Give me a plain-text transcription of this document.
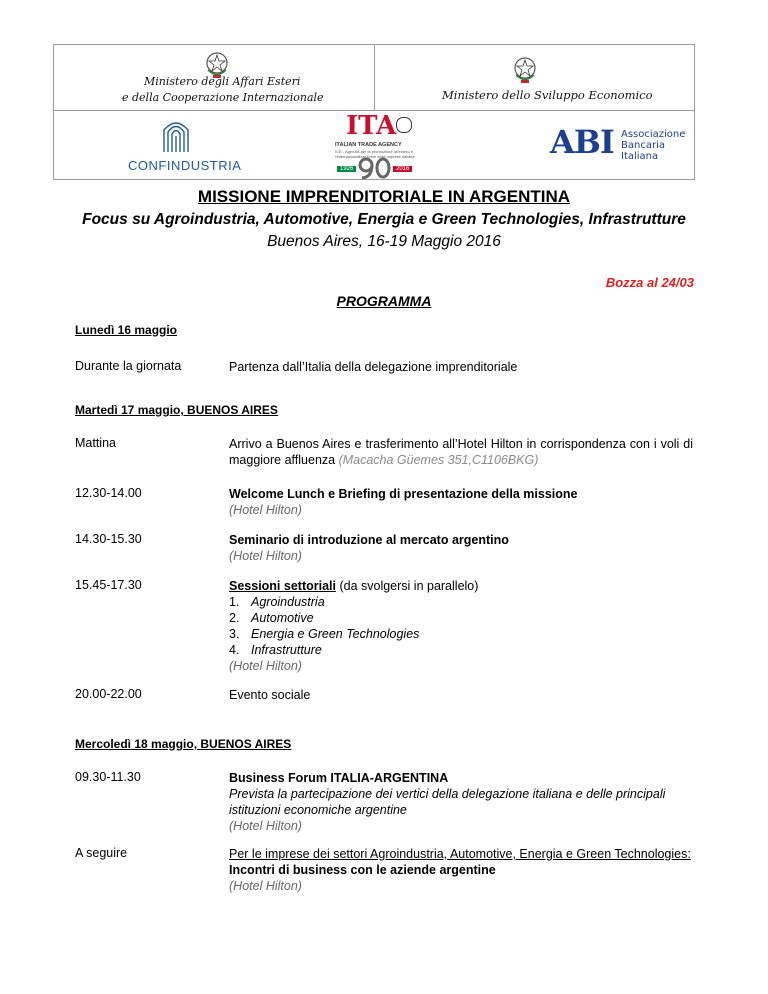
Ministero degli Affari Esteri
e della Cooperazione Internazionale	Ministero dello Sviluppo Economico
CONFINDUSTRIA
ITA
ITALIAN TRADE AGENCY
ICE - Agenzia per la promozione all'estero e l'internazionalizzazione delle imprese italiane
1926	2016
ABI Associazione
Bancaria
Italiana
MISSIONE IMPRENDITORIALE IN ARGENTINA
Focus su Agroindustria, Automotive, Energia e Green Technologies, Infrastrutture
Buenos Aires, 16-19 Maggio 2016
Bozza al 24/03
PROGRAMMA
Lunedì 16 maggio
Durante la giornata	Partenza dall’Italia della delegazione imprenditoriale
Martedì 17 maggio, BUENOS AIRES
Mattina	Arrivo a Buenos Aires e trasferimento all’Hotel Hilton in corrispondenza con i voli di maggiore affluenza (Macacha Güemes 351,C1106BKG)
12.30-14.00	Welcome Lunch e Briefing di presentazione della missione
(Hotel Hilton)
14.30-15.30	Seminario di introduzione al mercato argentino
(Hotel Hilton)
15.45-17.30	Sessioni settoriali (da svolgersi in parallelo)
1. Agroindustria
2. Automotive
3. Energia e Green Technologies
4. Infrastrutture
(Hotel Hilton)
20.00-22.00	Evento sociale
Mercoledì 18 maggio, BUENOS AIRES
09.30-11.30	Business Forum ITALIA-ARGENTINA
Prevista la partecipazione dei vertici della delegazione italiana e delle principali istituzioni economiche argentine
(Hotel Hilton)
A seguire	Per le imprese dei settori Agroindustria, Automotive, Energia e Green Technologies:
Incontri di business con le aziende argentine
(Hotel Hilton)
